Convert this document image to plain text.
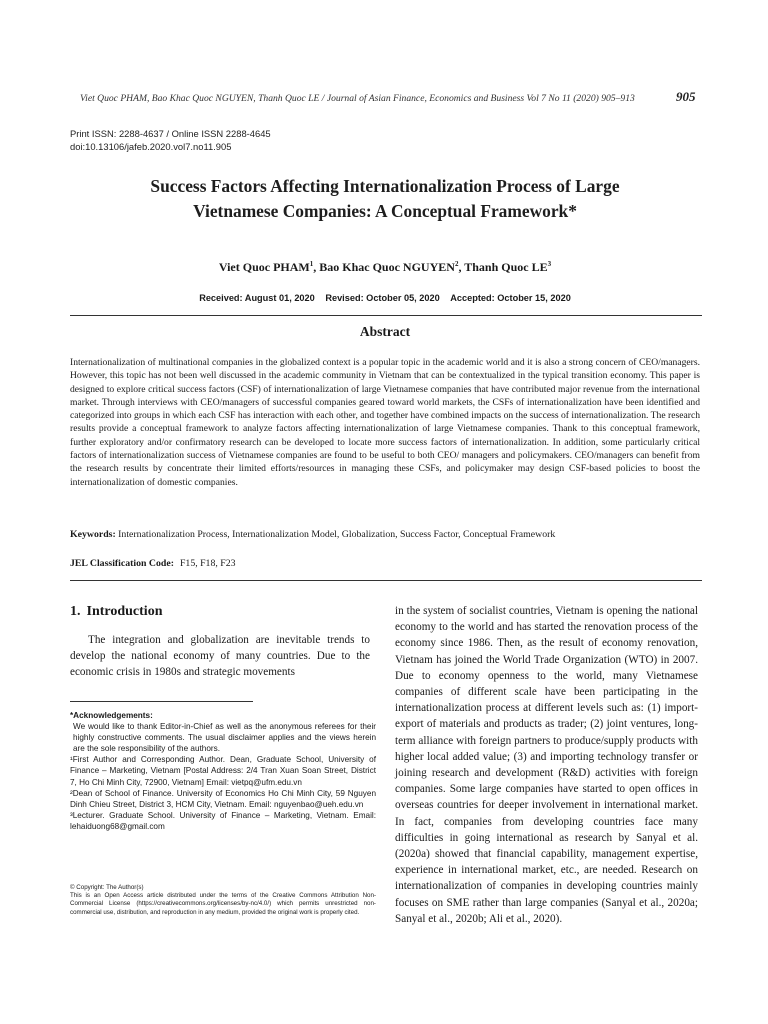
Viet Quoc PHAM, Bao Khac Quoc NGUYEN, Thanh Quoc LE / Journal of Asian Finance, Economics and Business Vol 7 No 11 (2020) 905–913	905
Print ISSN: 2288-4637 / Online ISSN 2288-4645
doi:10.13106/jafeb.2020.vol7.no11.905
Success Factors Affecting Internationalization Process of Large
Vietnamese Companies: A Conceptual Framework*
Viet Quoc PHAM$^1$, Bao Khac Quoc NGUYEN$^2$, Thanh Quoc $LE^3$
Received: August 01, 2020 Revised: October 05, 2020 Accepted: October 15, 2020
Abstract
Internationalization of multinational companies in the globalized context is a popular topic in the academic world and it is also a strong concern of CEO/managers. However, this topic has not been well discussed in the academic community in Vietnam that can be contextualized in the typical transition economy. This paper is designed to explore critical success factors (CSF) of internationalization of large Vietnamese companies that have contributed major revenue from the international market. Through interviews with CEO/managers of successful companies geared toward world markets, the CSFs of internationalization have been identified and categorized into groups in which each CSF has interaction with each other, and together have combined impacts on the success of internationalization. The research results provide a conceptual framework to analyze factors affecting internationalization of large Vietnamese companies. Thank to this conceptual framework, further exploratory and/or confirmatory research can be developed to locate more success factors of internationalization. In addition, some particularly critical factors of internationalization success of Vietnamese companies are found to be useful to both CEO/ managers and policymakers. CEO/managers can benefit from the research results by concentrate their limited efforts/resources in managing these CSFs, and policymaker may design CSF-based policies to boost the internationalization of domestic companies.
Keywords: Internationalization Process, Internationalization Model, Globalization, Success Factor, Conceptual Framework
JEL Classification Code: F15, F18, F23
1. Introduction
The integration and globalization are inevitable trends to develop the national economy of many countries. Due to the economic crisis in 1980s and strategic movements

*Acknowledgements:

We would like to thank Editor-in-Chief as well as the anonymous referees for their highly constructive comments. The usual disclaimer applies and the views herein are the sole responsibility of the authors.

¹First Author and Corresponding Author. Dean, Graduate School, University of Finance – Marketing, Vietnam [Postal Address: 2/4 Tran Xuan Soan Street, District 7, Ho Chi Minh City, 72900, Vietnam] Email: vietpq@ufm.edu.vn

²Dean of School of Finance. University of Economics Ho Chi Minh City, 59 Nguyen Dinh Chieu Street, District 3, HCM City, Vietnam. Email: nguyenbao@ueh.edu.vn

³Lecturer. Graduate School. University of Finance – Marketing, Vietnam. Email: lehaiduong68@gmail.com

© Copyright: The Author(s)

This is an Open Access article distributed under the terms of the Creative Commons Attribution Non-Commercial License (https://creativecommons.org/licenses/by-nc/4.0/) which permits unrestricted non-commercial use, distribution, and reproduction in any medium, provided the original work is properly cited.

in the system of socialist countries, Vietnam is opening the national economy to the world and has started the renovation process of the economy since 1986. Then, as the result of economy renovation, Vietnam has joined the World Trade Organization (WTO) in 2007. Due to economy openness to the world, many Vietnamese companies of different scale have been participating in the internationalization process at different levels such as: (1) import-export of materials and products as trader; (2) joint ventures, long-term alliance with foreign partners to produce/supply products with higher local added value; (3) and importing technology transfer or joining research and development (R&D) activities with foreign companies. Some large companies have started to open offices in overseas countries for deeper involvement in international market. In fact, companies from developing countries face many difficulties in going international as research by Sanyal et al. (2020a) showed that financial capability, management expertise, experience in international market, etc., are needed. Research on internationalization of companies in developing countries mainly focuses on SME rather than large companies (Sanyal et al., 2020a; Sanyal et al., 2020b; Ali et al., 2020).
